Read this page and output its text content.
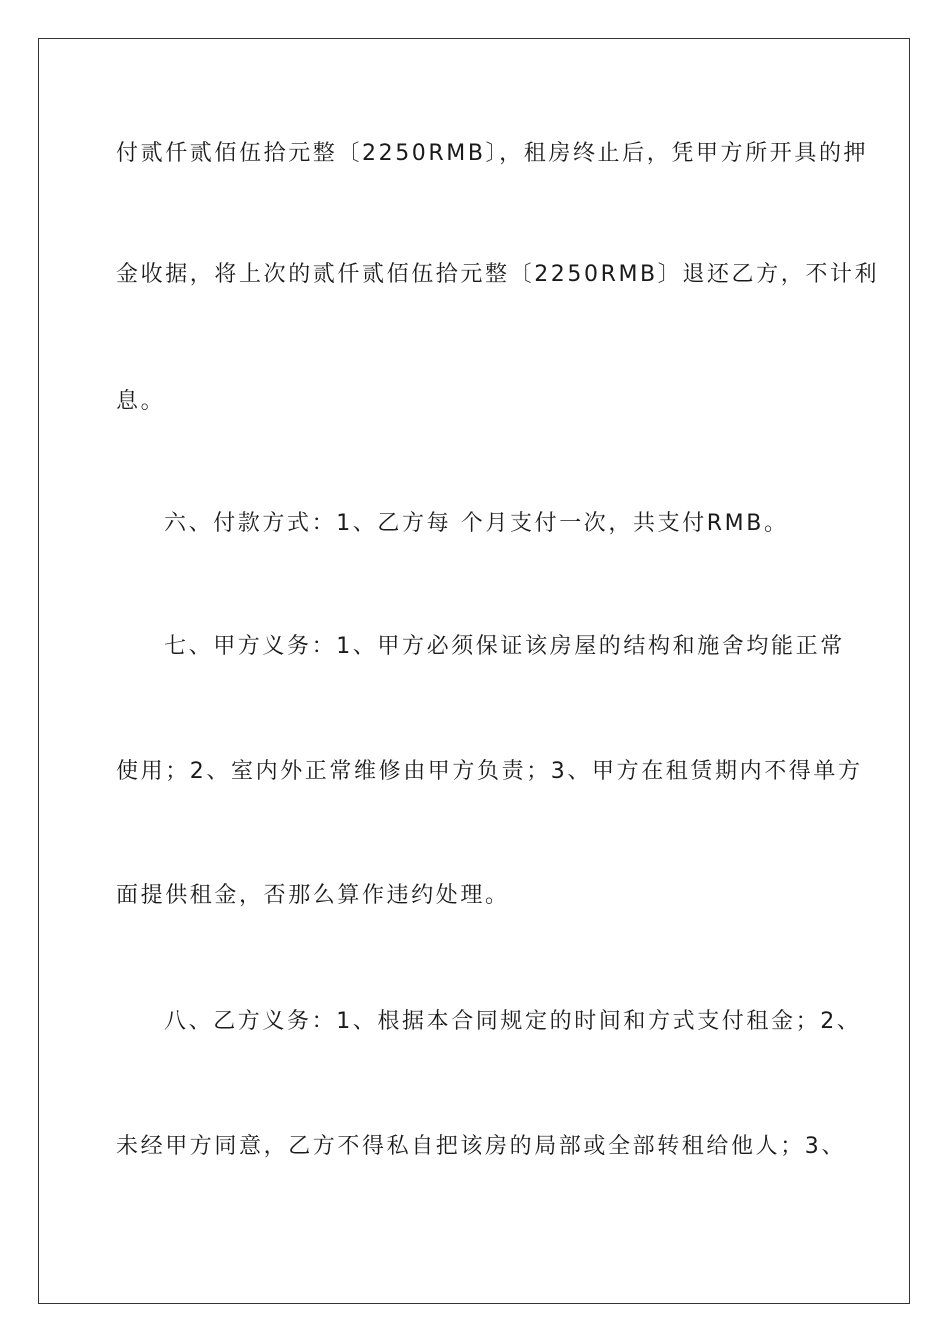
付贰仟贰佰伍拾元整〔2250RMB〕，租房终止后，凭甲方所开具的押
金收据，将上次的贰仟贰佰伍拾元整〔2250RMB〕退还乙方，不计利
息。
六、付款方式：1、乙方每 个月支付一次，共支付RMB。
七、甲方义务：1、甲方必须保证该房屋的结构和施舍均能正常
使用；2、室内外正常维修由甲方负责；3、甲方在租赁期内不得单方
面提供租金，否那么算作违约处理。
八、乙方义务：1、根据本合同规定的时间和方式支付租金；2、
未经甲方同意，乙方不得私自把该房的局部或全部转租给他人；3、
